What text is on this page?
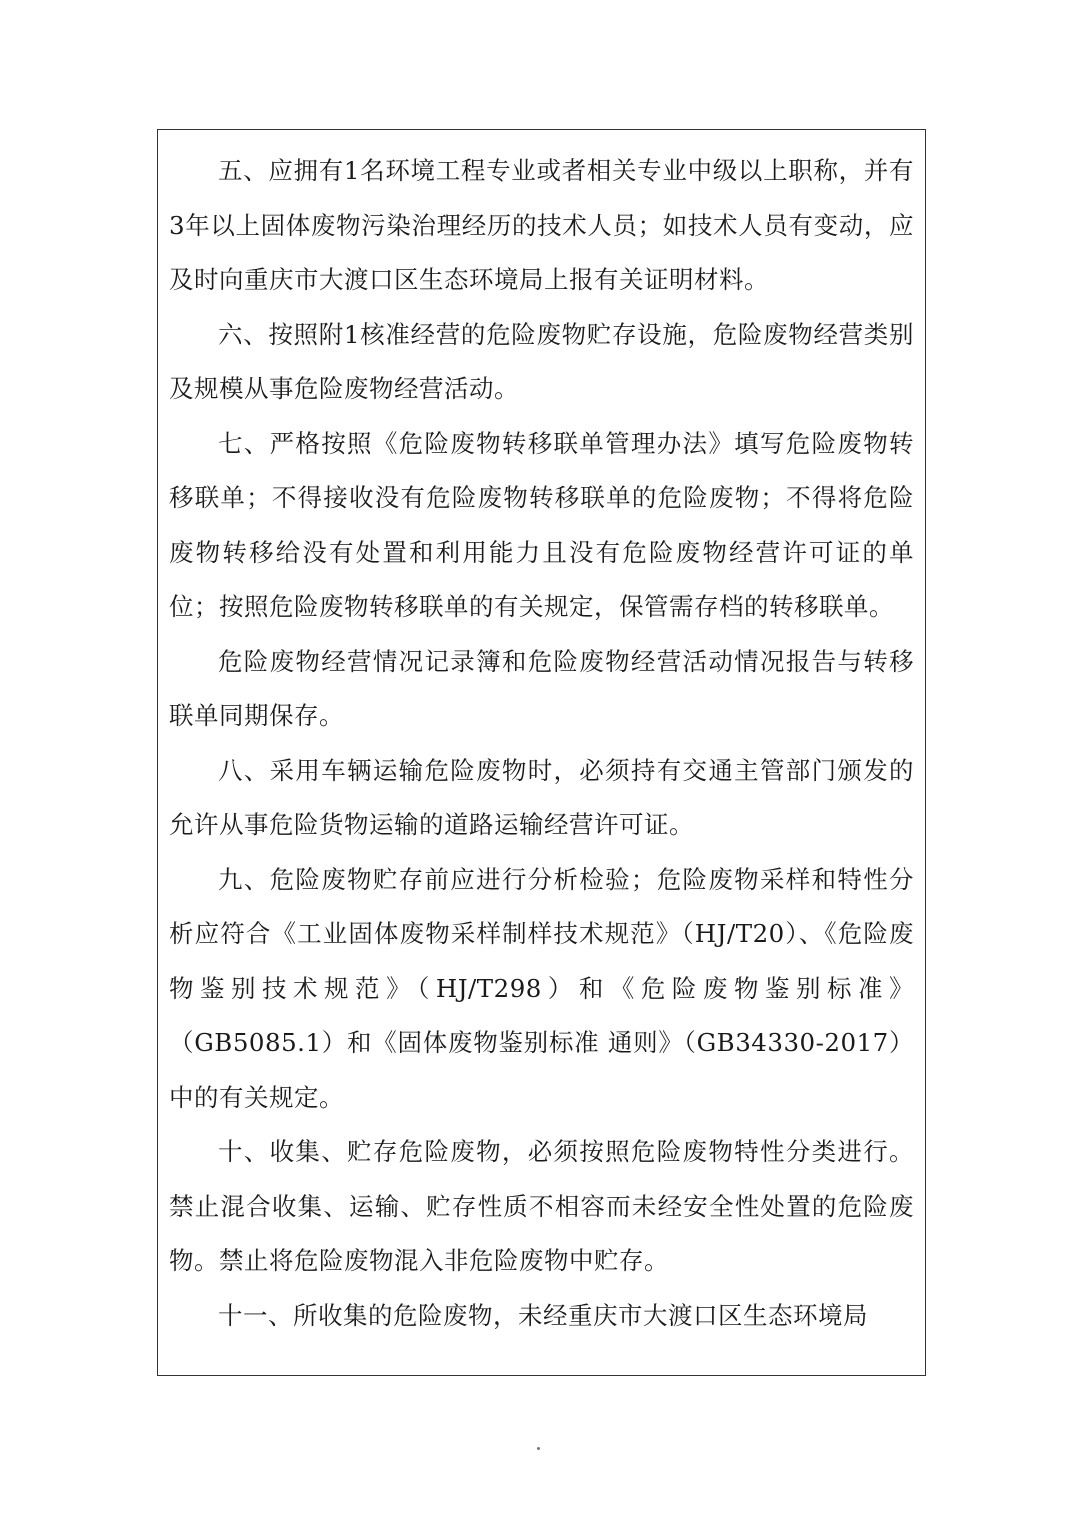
五、应拥有1名环境工程专业或者相关专业中级以上职称，并有3年以上固体废物污染治理经历的技术人员；如技术人员有变动，应及时向重庆市大渡口区生态环境局上报有关证明材料。

六、按照附1核准经营的危险废物贮存设施，危险废物经营类别及规模从事危险废物经营活动。

七、严格按照《危险废物转移联单管理办法》填写危险废物转移联单；不得接收没有危险废物转移联单的危险废物；不得将危险废物转移给没有处置和利用能力且没有危险废物经营许可证的单位；按照危险废物转移联单的有关规定，保管需存档的转移联单。

危险废物经营情况记录簿和危险废物经营活动情况报告与转移联单同期保存。

八、采用车辆运输危险废物时，必须持有交通主管部门颁发的允许从事危险货物运输的道路运输经营许可证。

九、危险废物贮存前应进行分析检验；危险废物采样和特性分析应符合《工业固体废物采样制样技术规范》（HJ/T20）、《危险废物鉴别技术规范》（HJ/T298）和《危险废物鉴别标准》（GB5085.1）和《固体废物鉴别标准 通则》（GB34330-2017）中的有关规定。

十、收集、贮存危险废物，必须按照危险废物特性分类进行。禁止混合收集、运输、贮存性质不相容而未经安全性处置的危险废物。禁止将危险废物混入非危险废物中贮存。

十一、所收集的危险废物，未经重庆市大渡口区生态环境局
